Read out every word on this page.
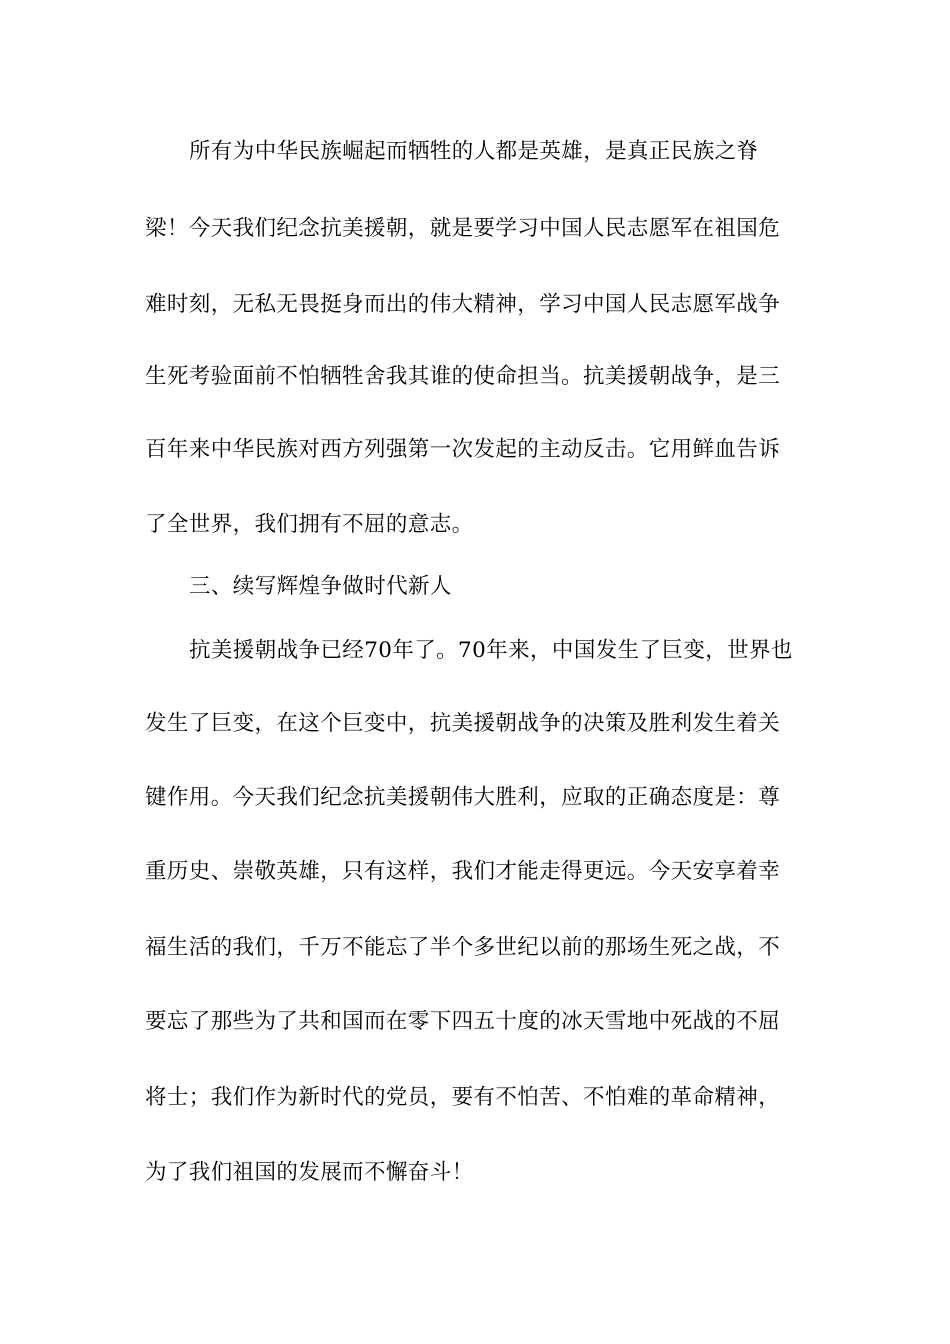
所有为中华民族崛起而牺牲的人都是英雄，是真正民族之脊
梁！今天我们纪念抗美援朝，就是要学习中国人民志愿军在祖国危
难时刻，无私无畏挺身而出的伟大精神，学习中国人民志愿军战争
生死考验面前不怕牺牲舍我其谁的使命担当。抗美援朝战争，是三
百年来中华民族对西方列强第一次发起的主动反击。它用鲜血告诉
了全世界，我们拥有不屈的意志。
三、续写辉煌争做时代新人
抗美援朝战争已经70年了。70年来，中国发生了巨变，世界也
发生了巨变，在这个巨变中，抗美援朝战争的决策及胜利发生着关
键作用。今天我们纪念抗美援朝伟大胜利，应取的正确态度是：尊
重历史、崇敬英雄，只有这样，我们才能走得更远。今天安享着幸
福生活的我们，千万不能忘了半个多世纪以前的那场生死之战，不
要忘了那些为了共和国而在零下四五十度的冰天雪地中死战的不屈
将士；我们作为新时代的党员，要有不怕苦、不怕难的革命精神，
为了我们祖国的发展而不懈奋斗！
